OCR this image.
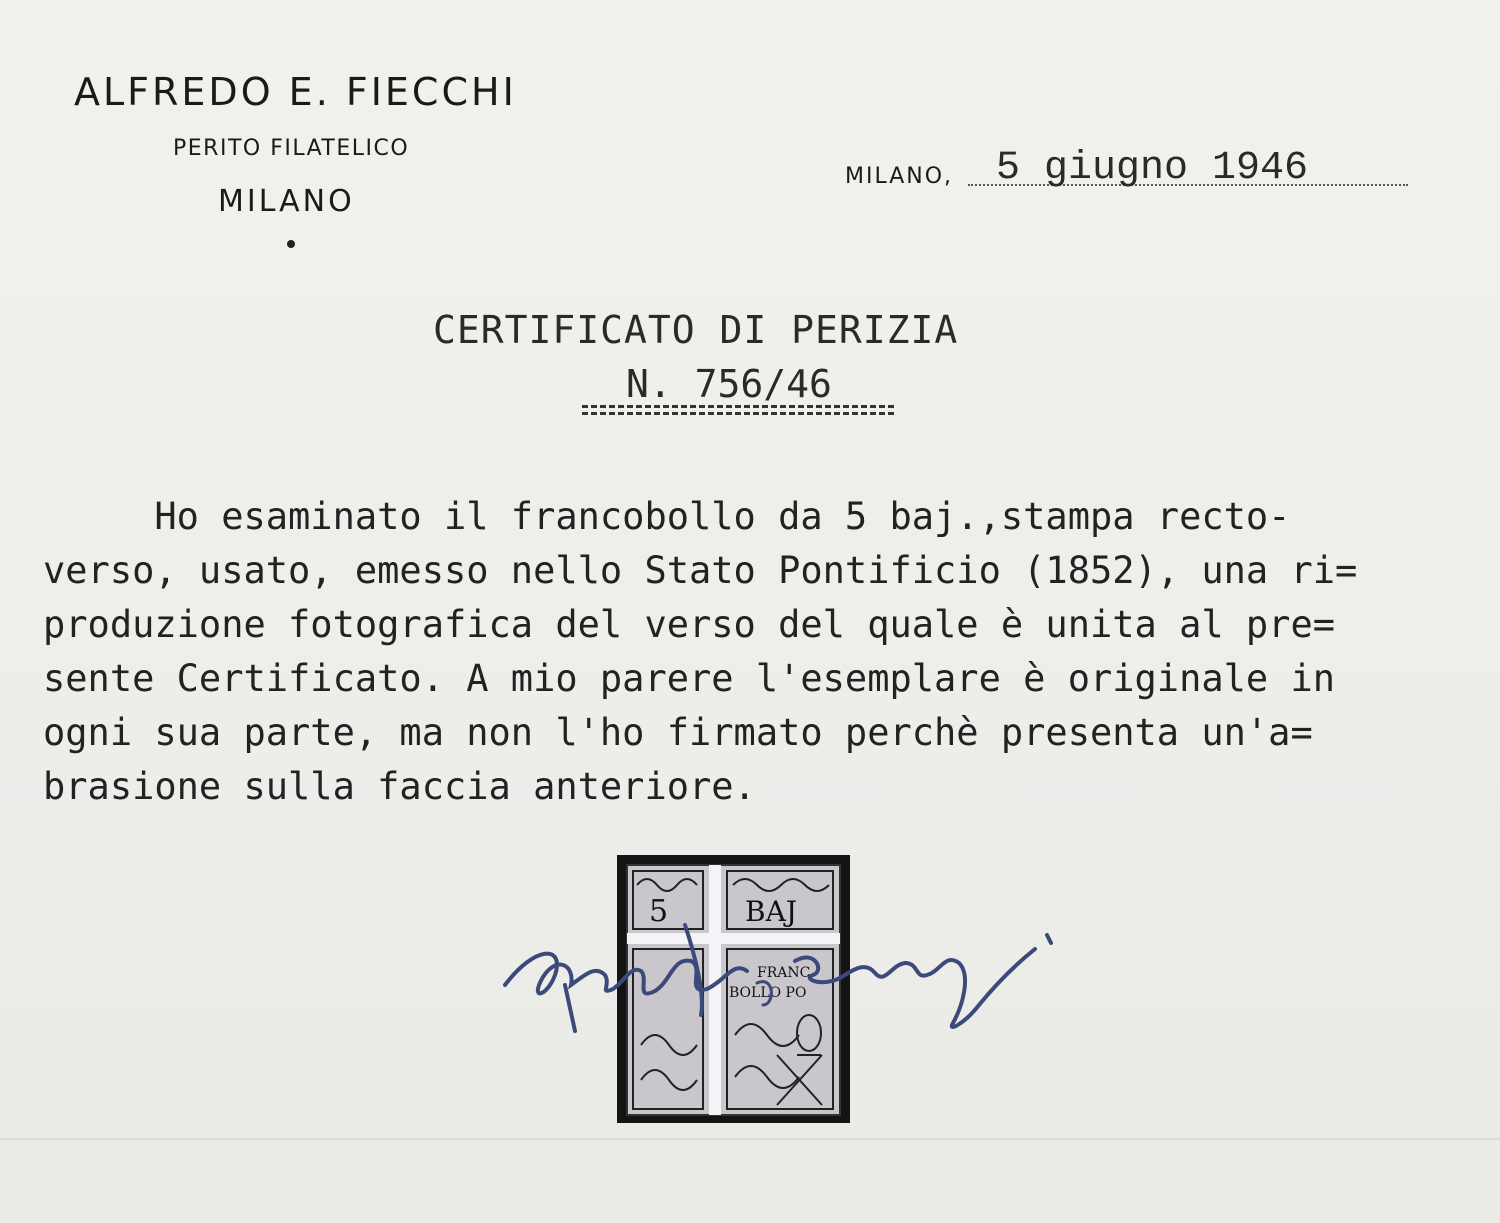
ALFREDO E. FIECCHI
PERITO FILATELICO
MILANO
MILANO, 5 giugno 1946
CERTIFICATO DI PERIZIA
N. 756/46
Ho esaminato il francobollo da 5 baj.,stampa recto-
verso, usato, emesso nello Stato Pontificio (1852), una ri=
produzione fotografica del verso del quale è unita al pre=
sente Certificato. A mio parere l'esemplare è originale in
ogni sua parte, ma non l'ho firmato perchè presenta un'a=
brasione sulla faccia anteriore.
5	BAJ
FRANC
BOLLO PO
